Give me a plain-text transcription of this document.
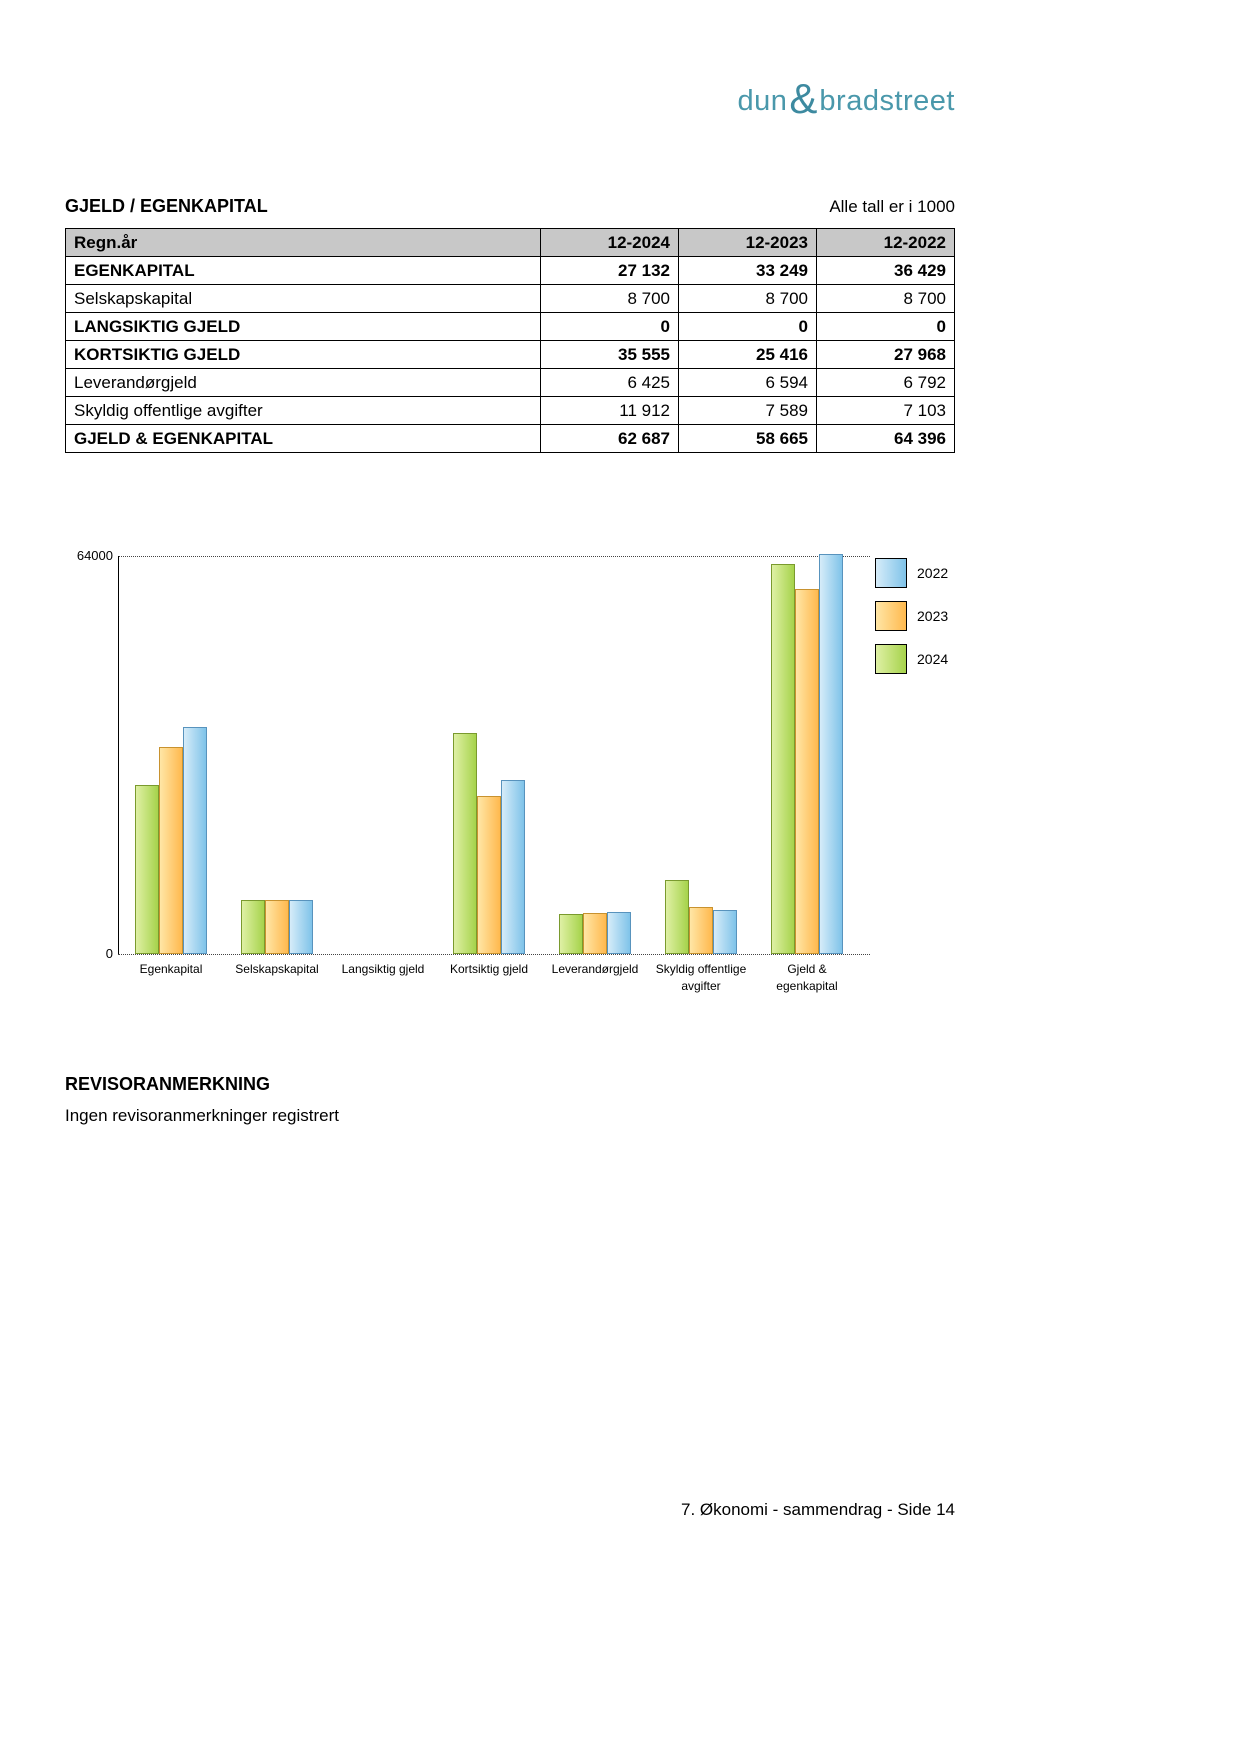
dun & bradstreet
GJELD / EGENKAPITAL	Alle tall er i 1000
Regn.år	12-2024	12-2023	12-2022
EGENKAPITAL	27 132	33 249	36 429
Selskapskapital	8 700	8 700	8 700
LANGSIKTIG GJELD	0	0	0
KORTSIKTIG GJELD	35 555	25 416	27 968
Leverandørgjeld	6 425	6 594	6 792
Skyldig offentlige avgifter	11 912	7 589	7 103
GJELD & EGENKAPITAL	62 687	58 665	64 396
64000
0
Egenkapital	Selskapskapital	Langsiktig gjeld	Kortsiktig gjeld	Leverandørgjeld	Skyldig offentlige
avgifter
Gjeld &
egenkapital
2022
2023
2024
REVISORANMERKNING
Ingen revisoranmerkninger registrert
7. Økonomi - sammendrag - Side 14
